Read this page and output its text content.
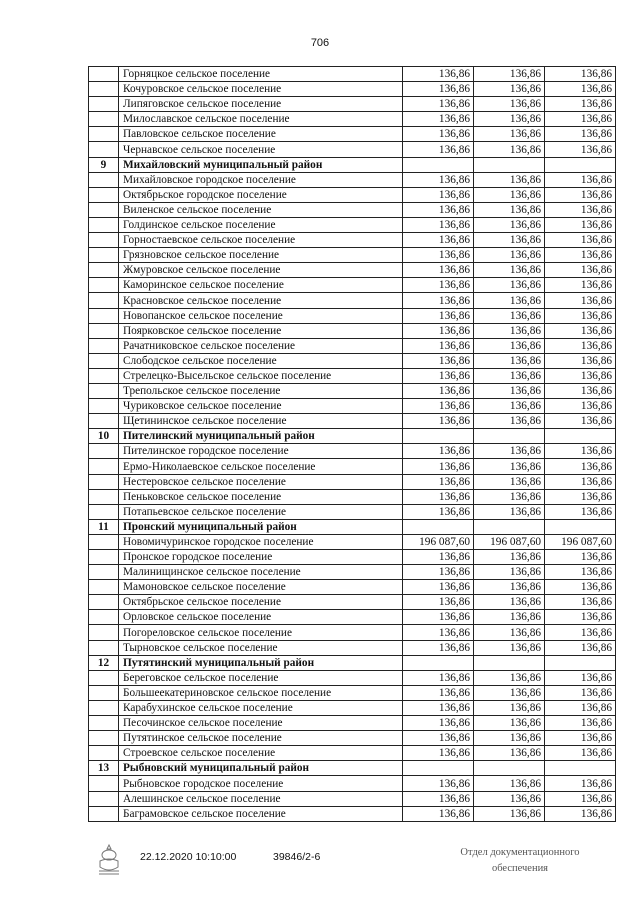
706
	Горняцкое сельское поселение	136,86	136,86	136,86
	Кочуровское сельское поселение	136,86	136,86	136,86
	Липяговское сельское поселение	136,86	136,86	136,86
	Милославское сельское поселение	136,86	136,86	136,86
	Павловское сельское поселение	136,86	136,86	136,86
	Чернавское сельское поселение	136,86	136,86	136,86
9	Михайловский муниципальный район			
	Михайловское городское поселение	136,86	136,86	136,86
	Октябрьское городское поселение	136,86	136,86	136,86
	Виленское сельское поселение	136,86	136,86	136,86
	Голдинское сельское поселение	136,86	136,86	136,86
	Горностаевское сельское поселение	136,86	136,86	136,86
	Грязновское сельское поселение	136,86	136,86	136,86
	Жмуровское сельское поселение	136,86	136,86	136,86
	Каморинское сельское поселение	136,86	136,86	136,86
	Красновское сельское поселение	136,86	136,86	136,86
	Новопанское сельское поселение	136,86	136,86	136,86
	Поярковское сельское поселение	136,86	136,86	136,86
	Рачатниковское сельское поселение	136,86	136,86	136,86
	Слободское сельское поселение	136,86	136,86	136,86
	Стрелецко-Высельское сельское поселение	136,86	136,86	136,86
	Трепольское сельское поселение	136,86	136,86	136,86
	Чуриковское сельское поселение	136,86	136,86	136,86
	Щетининское сельское поселение	136,86	136,86	136,86
10	Пителинский муниципальный район			
	Пителинское городское поселение	136,86	136,86	136,86
	Ермо-Николаевское сельское поселение	136,86	136,86	136,86
	Нестеровское сельское поселение	136,86	136,86	136,86
	Пеньковское сельское поселение	136,86	136,86	136,86
	Потапьевское сельское поселение	136,86	136,86	136,86
11	Пронский муниципальный район			
	Новомичуринское городское поселение	196 087,60	196 087,60	196 087,60
	Пронское городское поселение	136,86	136,86	136,86
	Малинищинское сельское поселение	136,86	136,86	136,86
	Мамоновское сельское поселение	136,86	136,86	136,86
	Октябрьское сельское поселение	136,86	136,86	136,86
	Орловское сельское поселение	136,86	136,86	136,86
	Погореловское сельское поселение	136,86	136,86	136,86
	Тырновское сельское поселение	136,86	136,86	136,86
12	Путятинский муниципальный район			
	Береговское сельское поселение	136,86	136,86	136,86
	Большеекатериновское сельское поселение	136,86	136,86	136,86
	Карабухинское сельское поселение	136,86	136,86	136,86
	Песочинское сельское поселение	136,86	136,86	136,86
	Путятинское сельское поселение	136,86	136,86	136,86
	Строевское сельское поселение	136,86	136,86	136,86
13	Рыбновский муниципальный район			
	Рыбновское городское поселение	136,86	136,86	136,86
	Алешинское сельское поселение	136,86	136,86	136,86
	Баграмовское сельское поселение	136,86	136,86	136,86
22.12.2020 10:10:00	39846/2-6	Отдел документационного
обеспечения
